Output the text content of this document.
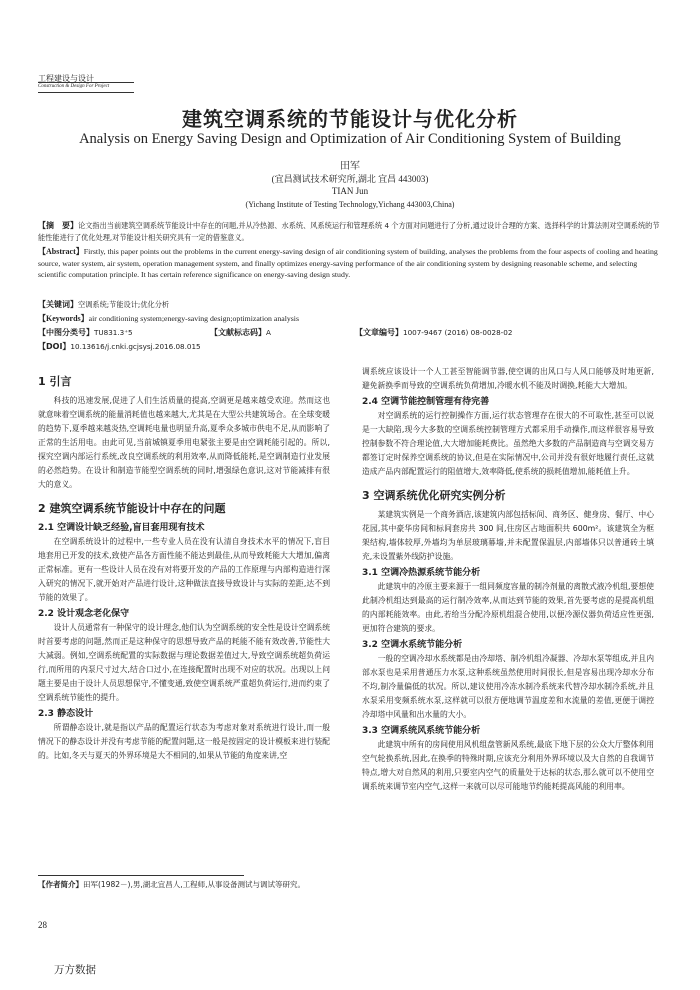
工程建设与设计
Construction & Design For Project
建筑空调系统的节能设计与优化分析
Analysis on Energy Saving Design and Optimization of Air Conditioning System of Building
田军
(宜昌测试技术研究所,湖北 宜昌 443003)
TIAN Jun
(Yichang Institute of Testing Technology,Yichang 443003,China)
【摘　要】论文指出当前建筑空调系统节能设计中存在的问题,并从冷热源、水系统、风系统运行和管理系统 4 个方面对问题进行了分析,通过设计合理的方案、选择科学的计算法则对空调系统的节能性能进行了优化处理,对节能设计相关研究具有一定的借鉴意义。
【Abstract】Firstly, this paper points out the problems in the current energy-saving design of air conditioning system of building, analyses the problems from the four aspects of cooling and heating source, water system, air system, operation management system, and finally optimizes energy-saving performance of the air conditioning system by designing reasonable scheme, and selecting scientific computation principle. It has certain reference significance on energy-saving design study.
【关键词】空调系统;节能设计;优化分析
【Keywords】air conditioning system;energy-saving design;optimization analysis
【中图分类号】TU831.3⁺5	【文献标志码】A	【文章编号】1007-9467 (2016) 08-0028-02
【DOI】10.13616/j.cnki.gcjsysj.2016.08.015
1 引言

科技的迅速发展,促进了人们生活质量的提高,空调更是越来越受欢迎。然而这也就意味着空调系统的能量消耗值也越来越大,尤其是在大型公共建筑场合。在全球变暖的趋势下,夏季越来越炎热,空调耗电量也明显升高,夏季众多城市供电不足,从而影响了正常的生活用电。由此可见,当前城镇夏季用电紧张主要是由空调耗能引起的。所以,探究空调内部运行系统,改良空调系统的利用效率,从而降低能耗,是空调制造行业发展的必然趋势。在设计和制造节能型空调系统的同时,增强绿色意识,这对节能减排有很大的意义。

2 建筑空调系统节能设计中存在的问题
2.1 空调设计缺乏经验,盲目套用现有技术

在空调系统设计的过程中,一些专业人员在没有认清自身技术水平的情况下,盲目地套用已开发的技术,致使产品各方面性能不能达到最佳,从而导致耗能大大增加,偏离正常标准。更有一些设计人员在没有对将要开发的产品的工作原理与内部构造进行深入研究的情况下,就开始对产品进行设计,这种做法直接导致设计与实际的差距,达不到节能的效果了。

2.2 设计观念老化保守

设计人员通常有一种保守的设计理念,他们认为空调系统的安全性是设计空调系统时首要考虑的问题,然而正是这种保守的思想导致产品的耗能不能有效改善,节能性大大减弱。例如,空调系统配置的实际数据与理论数据差值过大,导致空调系统超负荷运行,而所用的内泵尺寸过大,结合口过小,在连接配置时出现不对应的状况。出现以上问题主要是由于设计人员思想保守,不懂变通,致使空调系统严重超负荷运行,进而约束了空调系统节能性的提升。

2.3 静态设计

所谓静态设计,就是指以产品的配置运行状态为考虑对象对系统进行设计,而一般情况下的静态设计并没有考虑节能的配置问题,这一般是按固定的设计模板来进行装配的。比如,冬天与夏天的外界环境是大不相同的,如果从节能的角度来讲,空

调系统应该设计一个人工甚至智能调节器,使空调的出风口与人风口能够及时地更新,避免新换季而导致的空调系统负荷增加,冷暖水机不能及时调换,耗能大大增加。

2.4 空调节能控制管理有待完善

对空调系统的运行控制操作方面,运行状态管理存在很大的不可取性,甚至可以说是一大缺陷,现今大多数的空调系统控制管理方式都采用手动操作,而这样很容易导致控制参数不符合理论值,大大增加能耗费比。虽然绝大多数的产品制造商与空调交易方都签订定时保养空调系统的协议,但是在实际情况中,公司并没有很好地履行责任,这就造成产品内部配置运行的阻值增大,效率降低,使系统的损耗值增加,能耗值上升。

3 空调系统优化研究实例分析

某建筑实例是一个商务酒店,该建筑内部包括标间、商务区、健身房、餐厅、中心花园,其中豪华房间和标间套房共 300 间,住房区占地面积共 600m²。该建筑全为框架结构,墙体较厚,外墙均为单层玻璃幕墙,并未配置保温层,内部墙体只以普通砖土填充,未设置紫外线防护设施。

3.1 空调冷热源系统节能分析

此建筑中的冷原主要来源于一组同频度容量的制冷剂量的离散式液冷机组,要想使此制冷机组达到最高的运行制冷效率,从而达到节能的效果,首先要考虑的是提高机组的内部耗能效率。由此,若给当分配冷原机组混合使用,以便冷源仪器负荷适应性更强,更加符合建筑的要求。

3.2 空调水系统节能分析

一般的空调冷却水系统都是由冷却塔、制冷机组冷凝器、冷却水泵等组成,并且内部水泵也是采用普通压力水泵,这种系统虽然使用时间很长,但是容易出现冷却水分布不均,制冷量偏低的状况。所以,建议使用冷冻水制冷系统来代替冷却水制冷系统,并且水泵采用变频系统水泵,这样就可以很方便地调节温度差和水流量的差值,更便于调控冷却塔中风量和出水量的大小。

3.3 空调系统风系统节能分析

此建筑中所有的房间使用风机组盘管新风系统,最底下地下层的公众大厅整体利用空气轮换系统,因此,在换季的特殊时期,应该充分利用外界环境以及大自然的自我调节特点,增大对自然风的利用,只要室内空气的质量处于达标的状态,那么就可以不使用空调系统来调节室内空气,这样一来就可以尽可能地节约能耗提高风能的利用率。

【作者简介】田军(1982－),男,湖北宜昌人,工程师,从事设备测试与调试等研究。
28
万方数据
